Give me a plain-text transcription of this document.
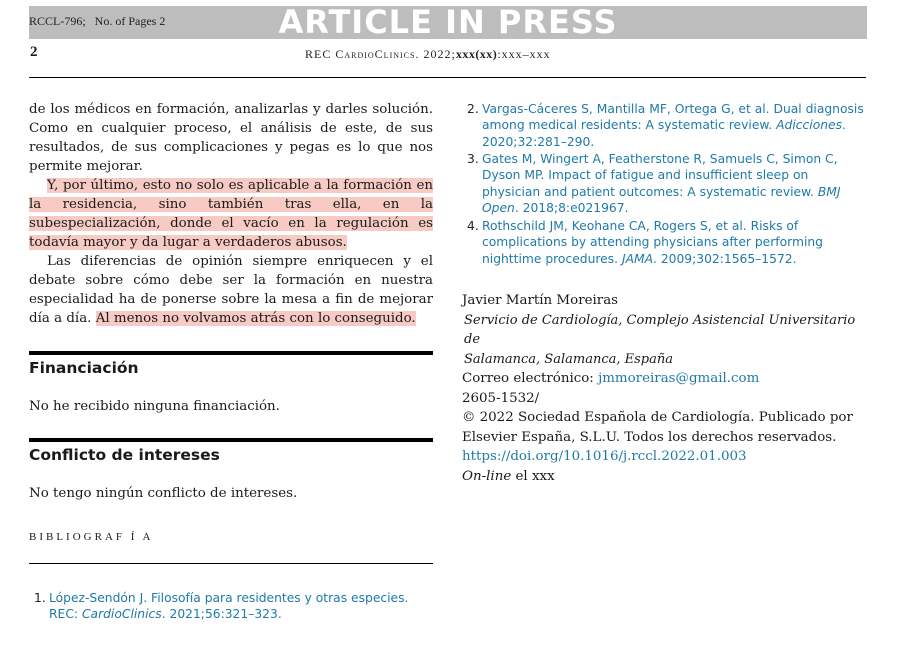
ARTICLE IN PRESS
RCCL-796;   No. of Pages 2
2	REC CardioClinics. 2022;xxx(xx):xxx–xxx

de los médicos en formación, analizarlas y darles solución. Como en cualquier proceso, el análisis de este, de sus resultados, de sus complicaciones y pegas es lo que nos permite mejorar.

Y, por último, esto no solo es aplicable a la formación en la residencia, sino también tras ella, en la subespecialización, donde el vacío en la regulación es todavía mayor y da lugar a verdaderos abusos.

Las diferencias de opinión siempre enriquecen y el debate sobre cómo debe ser la formación en nuestra especialidad ha de ponerse sobre la mesa a fin de mejorar día a día. Al menos no volvamos atrás con lo conseguido.

Financiación
No he recibido ninguna financiación.
Conflicto de intereses
No tengo ningún conflicto de intereses.
BIBLIOGRAF Í A
1. López-Sendón J. Filosofía para residentes y otras especies.
REC: CardioClinics. 2021;56:321–323.
2. Vargas-Cáceres S, Mantilla MF, Ortega G, et al. Dual diagnosis
among medical residents: A systematic review. Adicciones.
2020;32:281–290.
3. Gates M, Wingert A, Featherstone R, Samuels C, Simon C,
Dyson MP. Impact of fatigue and insufficient sleep on
physician and patient outcomes: A systematic review. BMJ
Open. 2018;8:e021967.
4. Rothschild JM, Keohane CA, Rogers S, et al. Risks of
complications by attending physicians after performing
nighttime procedures. JAMA. 2009;302:1565–1572.
Javier Martín Moreiras
Servicio de Cardiología, Complejo Asistencial Universitario de
Salamanca, Salamanca, España
Correo electrónico: jmmoreiras@gmail.com
2605-1532/
© 2022 Sociedad Española de Cardiología. Publicado por
Elsevier España, S.L.U. Todos los derechos reservados.
https://doi.org/10.1016/j.rccl.2022.01.003
On-line el xxx
